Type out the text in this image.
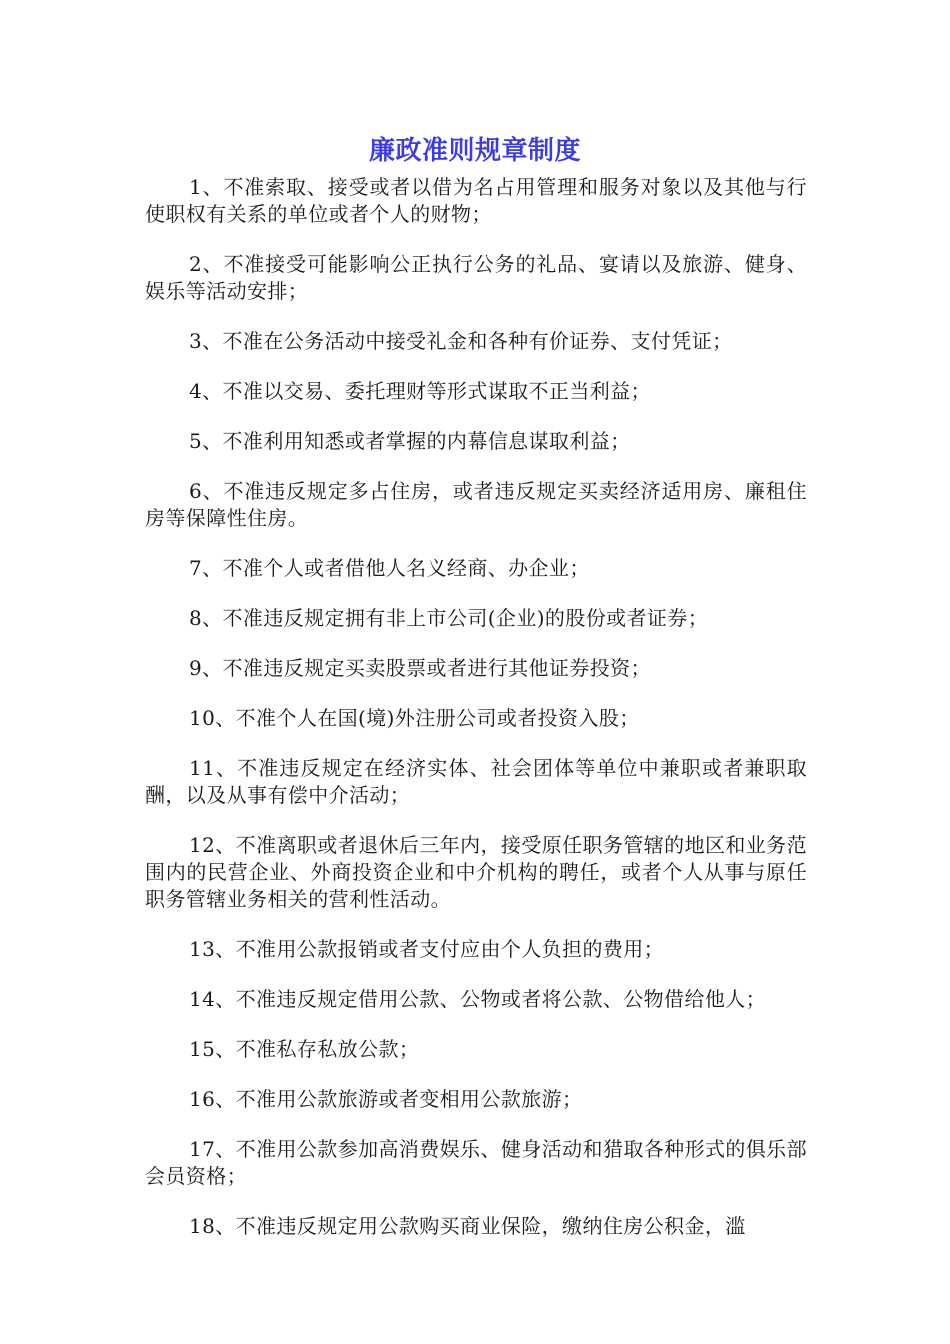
廉政准则规章制度

1、不准索取、接受或者以借为名占用管理和服务对象以及其他与行使职权有关系的单位或者个人的财物；

2、不准接受可能影响公正执行公务的礼品、宴请以及旅游、健身、娱乐等活动安排；

3、不准在公务活动中接受礼金和各种有价证券、支付凭证；

4、不准以交易、委托理财等形式谋取不正当利益；

5、不准利用知悉或者掌握的内幕信息谋取利益；

6、不准违反规定多占住房，或者违反规定买卖经济适用房、廉租住房等保障性住房。

7、不准个人或者借他人名义经商、办企业；

8、不准违反规定拥有非上市公司(企业)的股份或者证券；

9、不准违反规定买卖股票或者进行其他证券投资；

10、不准个人在国(境)外注册公司或者投资入股；

11、不准违反规定在经济实体、社会团体等单位中兼职或者兼职取酬，以及从事有偿中介活动；

12、不准离职或者退休后三年内，接受原任职务管辖的地区和业务范围内的民营企业、外商投资企业和中介机构的聘任，或者个人从事与原任职务管辖业务相关的营利性活动。

13、不准用公款报销或者支付应由个人负担的费用；

14、不准违反规定借用公款、公物或者将公款、公物借给他人；

15、不准私存私放公款；

16、不准用公款旅游或者变相用公款旅游；

17、不准用公款参加高消费娱乐、健身活动和猎取各种形式的俱乐部会员资格；

18、不准违反规定用公款购买商业保险，缴纳住房公积金，滥
